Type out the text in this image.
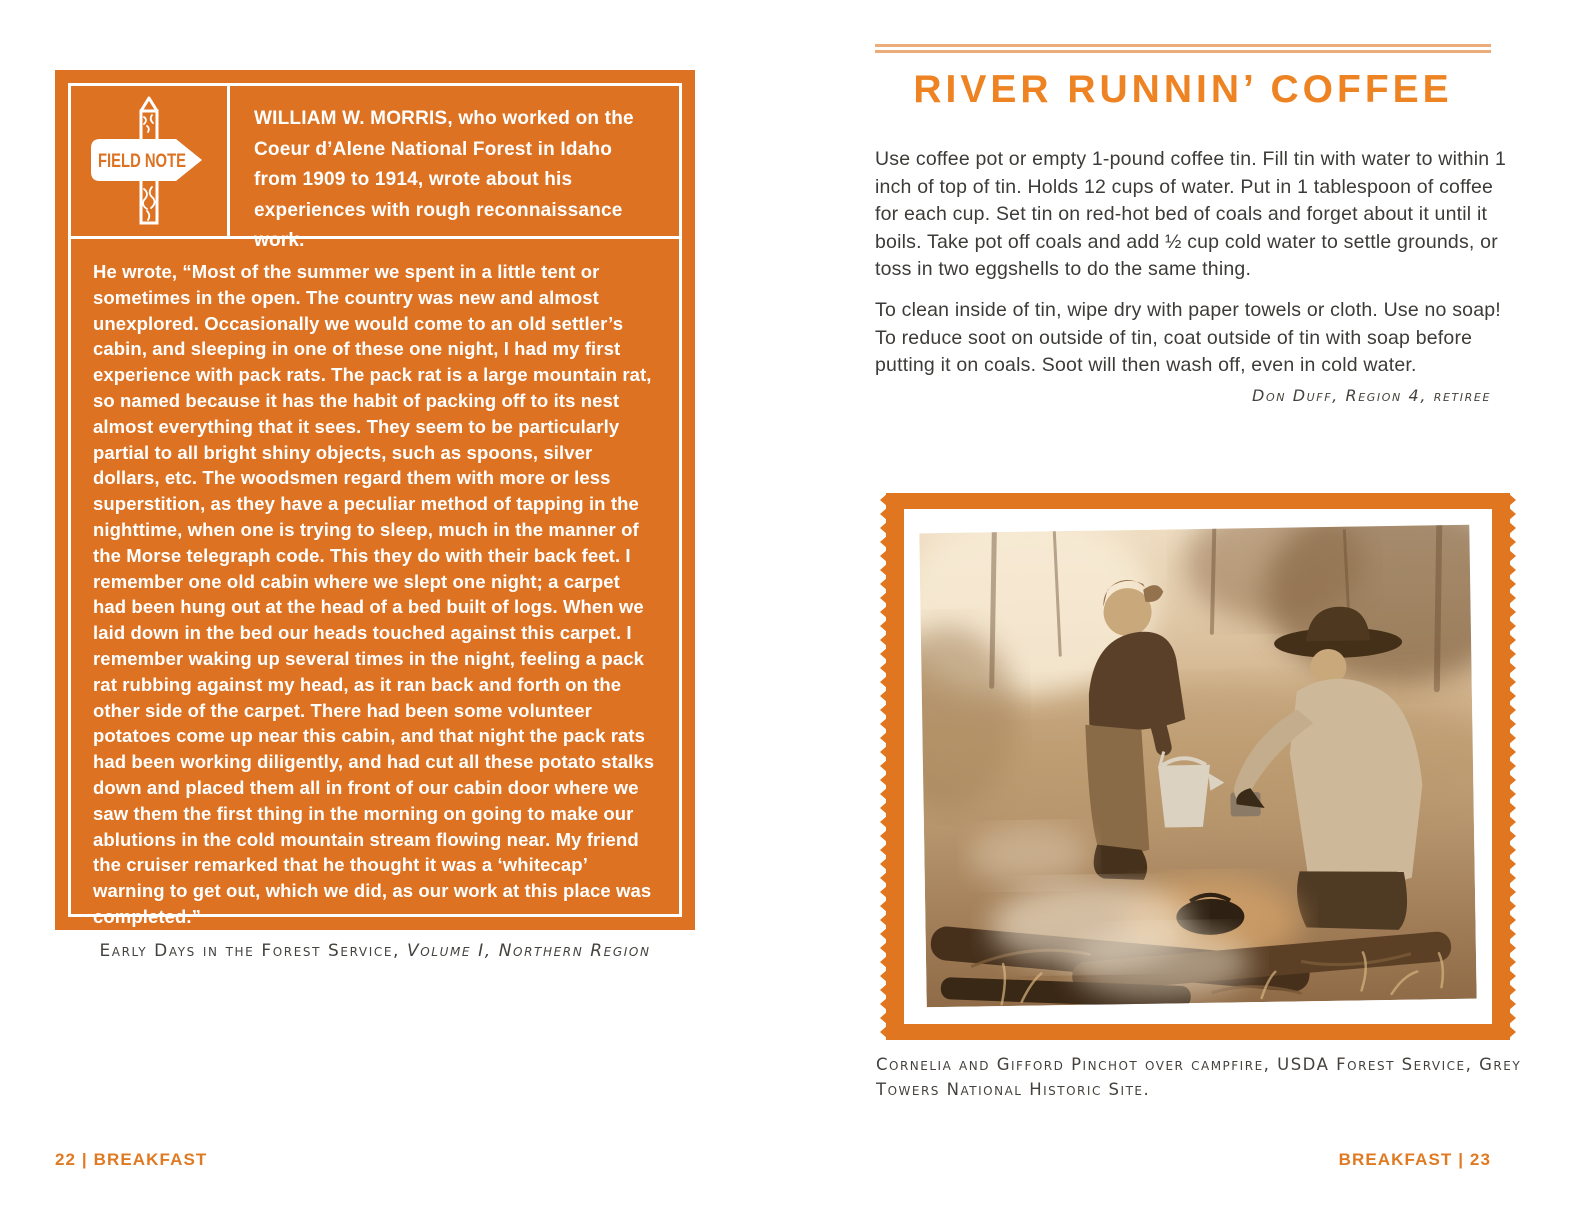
FIELD NOTE
WILLIAM W. MORRIS, who worked on the Coeur d’Alene National Forest in Idaho from 1909 to 1914, wrote about his experiences with rough reconnaissance work.
He wrote, “Most of the summer we spent in a little tent or sometimes in the open. The country was new and almost unexplored. Occasionally we would come to an old settler’s cabin, and sleeping in one of these one night, I had my first experience with pack rats. The pack rat is a large mountain rat, so named because it has the habit of packing off to its nest almost everything that it sees. They seem to be particularly partial to all bright shiny objects, such as spoons, silver dollars, etc. The woodsmen regard them with more or less superstition, as they have a peculiar method of tapping in the nighttime, when one is trying to sleep, much in the manner of the Morse telegraph code. This they do with their back feet. I remember one old cabin where we slept one night; a carpet had been hung out at the head of a bed built of logs. When we laid down in the bed our heads touched against this carpet. I remember waking up several times in the night, feeling a pack rat rubbing against my head, as it ran back and forth on the other side of the carpet. There had been some volunteer potatoes come up near this cabin, and that night the pack rats had been working diligently, and had cut all these potato stalks down and placed them all in front of our cabin door where we saw them the first thing in the morning on going to make our ablutions in the cold mountain stream flowing near. My friend the cruiser remarked that he thought it was a ‘whitecap’ warning to get out, which we did, as our work at this place was completed.”
Early Days in the Forest Service, Volume I, Northern Region
22 | BREAKFAST
RIVER RUNNIN’ COFFEE
Use coffee pot or empty 1-pound coffee tin. Fill tin with water to within 1 inch of top of tin. Holds 12 cups of water. Put in 1 tablespoon of coffee for each cup. Set tin on red-hot bed of coals and forget about it until it boils. Take pot off coals and add ½ cup cold water to settle grounds, or toss in two eggshells to do the same thing.
To clean inside of tin, wipe dry with paper towels or cloth. Use no soap! To reduce soot on outside of tin, coat outside of tin with soap before putting it on coals. Soot will then wash off, even in cold water.
Don Duff, Region 4, retiree
Cornelia and Gifford Pinchot over campfire, USDA Forest Service, Grey Towers National Historic Site.
BREAKFAST | 23
